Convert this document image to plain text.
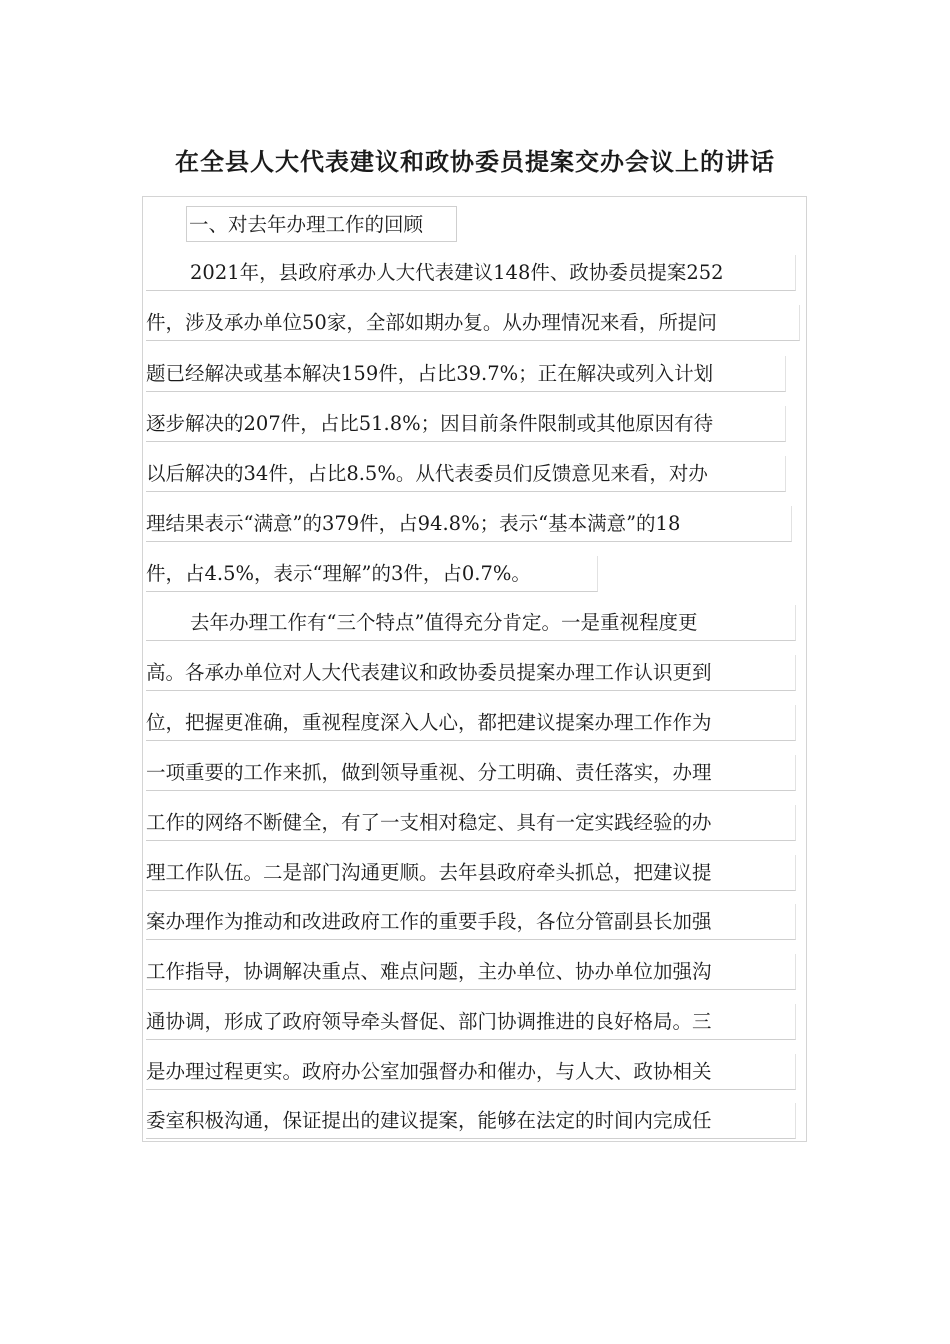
在全县人大代表建议和政协委员提案交办会议上的讲话
一、对去年办理工作的回顾
2021年，县政府承办人大代表建议148件、政协委员提案252
件，涉及承办单位50家，全部如期办复。从办理情况来看，所提问
题已经解决或基本解决159件，占比39.7%；正在解决或列入计划
逐步解决的207件，占比51.8%；因目前条件限制或其他原因有待
以后解决的34件，占比8.5%。从代表委员们反馈意见来看，对办
理结果表示“满意”的379件，占94.8%；表示“基本满意”的18
件，占4.5%，表示“理解”的3件，占0.7%。
去年办理工作有“三个特点”值得充分肯定。一是重视程度更
高。各承办单位对人大代表建议和政协委员提案办理工作认识更到
位，把握更准确，重视程度深入人心，都把建议提案办理工作作为
一项重要的工作来抓，做到领导重视、分工明确、责任落实，办理
工作的网络不断健全，有了一支相对稳定、具有一定实践经验的办
理工作队伍。二是部门沟通更顺。去年县政府牵头抓总，把建议提
案办理作为推动和改进政府工作的重要手段，各位分管副县长加强
工作指导，协调解决重点、难点问题，主办单位、协办单位加强沟
通协调，形成了政府领导牵头督促、部门协调推进的良好格局。三
是办理过程更实。政府办公室加强督办和催办，与人大、政协相关
委室积极沟通，保证提出的建议提案，能够在法定的时间内完成任
